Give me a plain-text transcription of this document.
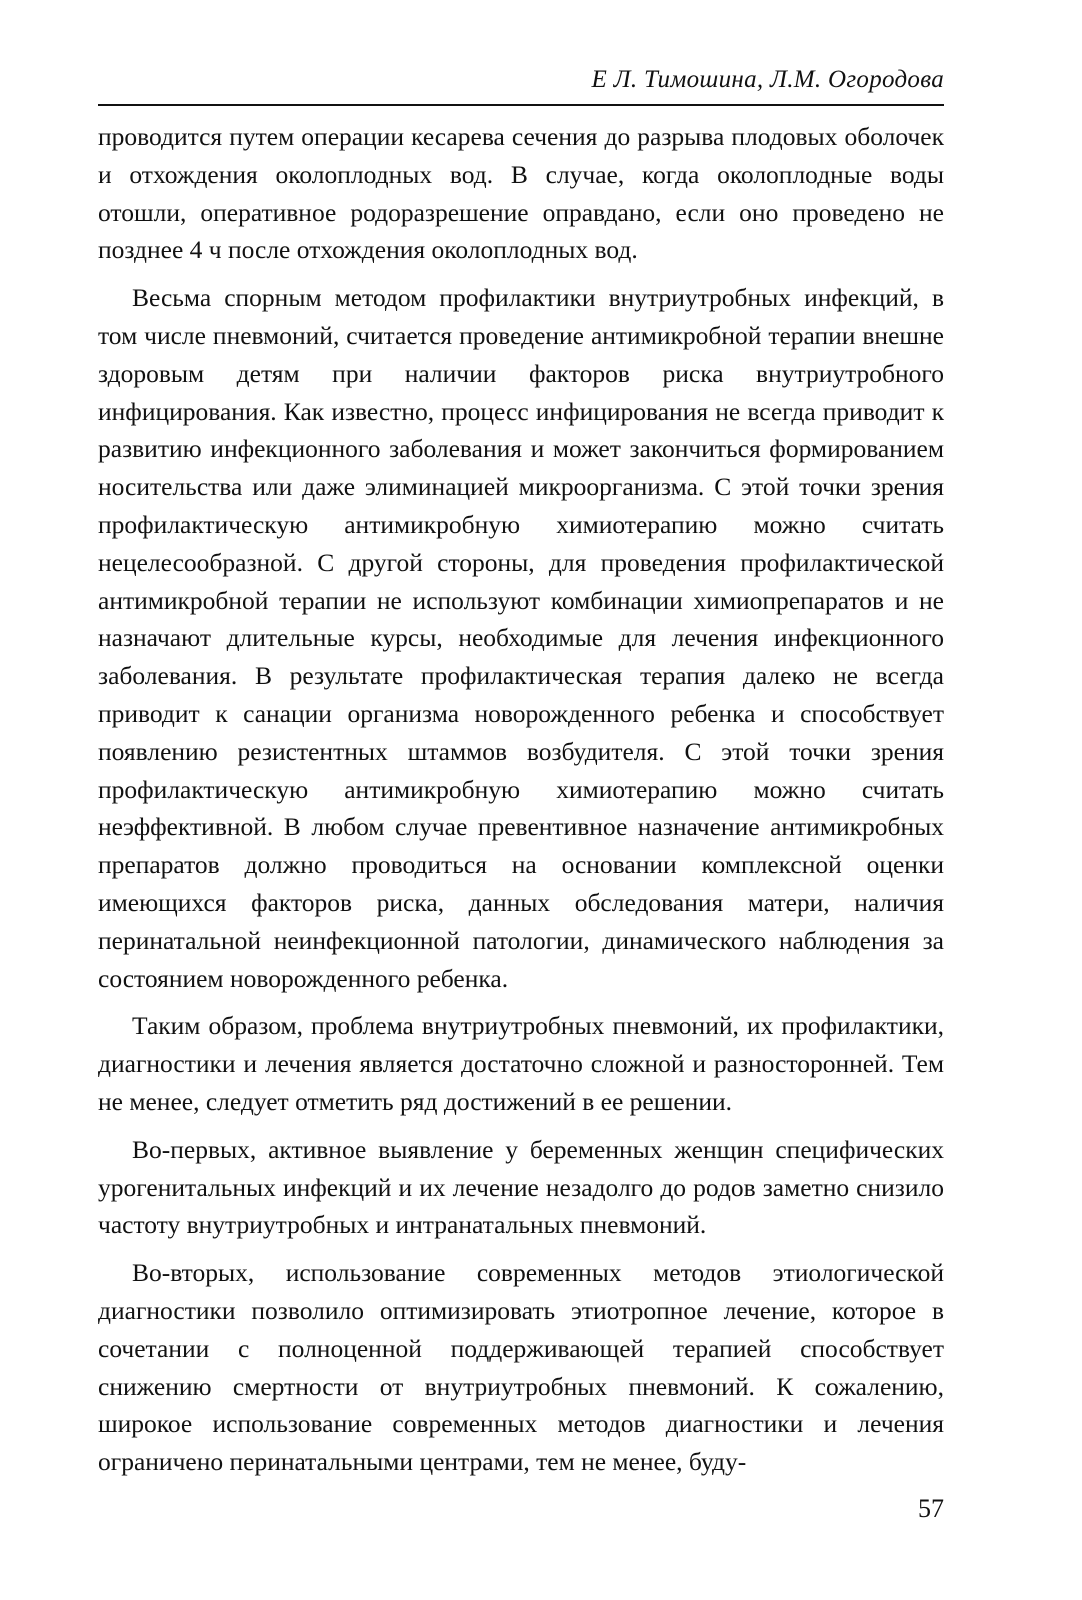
Е Л. Тимошина, Л.М. Огородова

проводится путем операции кесарева сечения до разрыва плодовых оболочек и отхождения околоплодных вод. В случае, когда околоплодные воды отошли, оперативное родоразрешение оправдано, если оно проведено не позднее 4 ч после отхождения околоплодных вод.

Весьма спорным методом профилактики внутриутробных инфекций, в том числе пневмоний, считается проведение антимикробной терапии внешне здоровым детям при наличии факторов риска внутриутробного инфицирования. Как известно, процесс инфицирования не всегда приводит к развитию инфекционного заболевания и может закончиться формированием носительства или даже элиминацией микроорганизма. С этой точки зрения профилактическую антимикробную химиотерапию можно считать нецелесообразной. С другой стороны, для проведения профилактической антимикробной терапии не используют комбинации химиопрепаратов и не назначают длительные курсы, необходимые для лечения инфекционного заболевания. В результате профилактическая терапия далеко не всегда приводит к санации организма новорожденного ребенка и способствует появлению резистентных штаммов возбудителя. С этой точки зрения профилактическую антимикробную химиотерапию можно считать неэффективной. В любом случае превентивное назначение антимикробных препаратов должно проводиться на основании комплексной оценки имеющихся факторов риска, данных обследования матери, наличия перинатальной неинфекционной патологии, динамического наблюдения за состоянием новорожденного ребенка.

Таким образом, проблема внутриутробных пневмоний, их профилактики, диагностики и лечения является достаточно сложной и разносторонней. Тем не менее, следует отметить ряд достижений в ее решении.

Во-первых, активное выявление у беременных женщин специфических урогенитальных инфекций и их лечение незадолго до родов заметно снизило частоту внутриутробных и интранатальных пневмоний.

Во-вторых, использование современных методов этиологической диагностики позволило оптимизировать этиотропное лечение, которое в сочетании с полноценной поддерживающей терапией способствует снижению смертности от внутриутробных пневмоний. К сожалению, широкое использование современных методов диагностики и лечения ограничено перинатальными центрами, тем не менее, буду-

57
